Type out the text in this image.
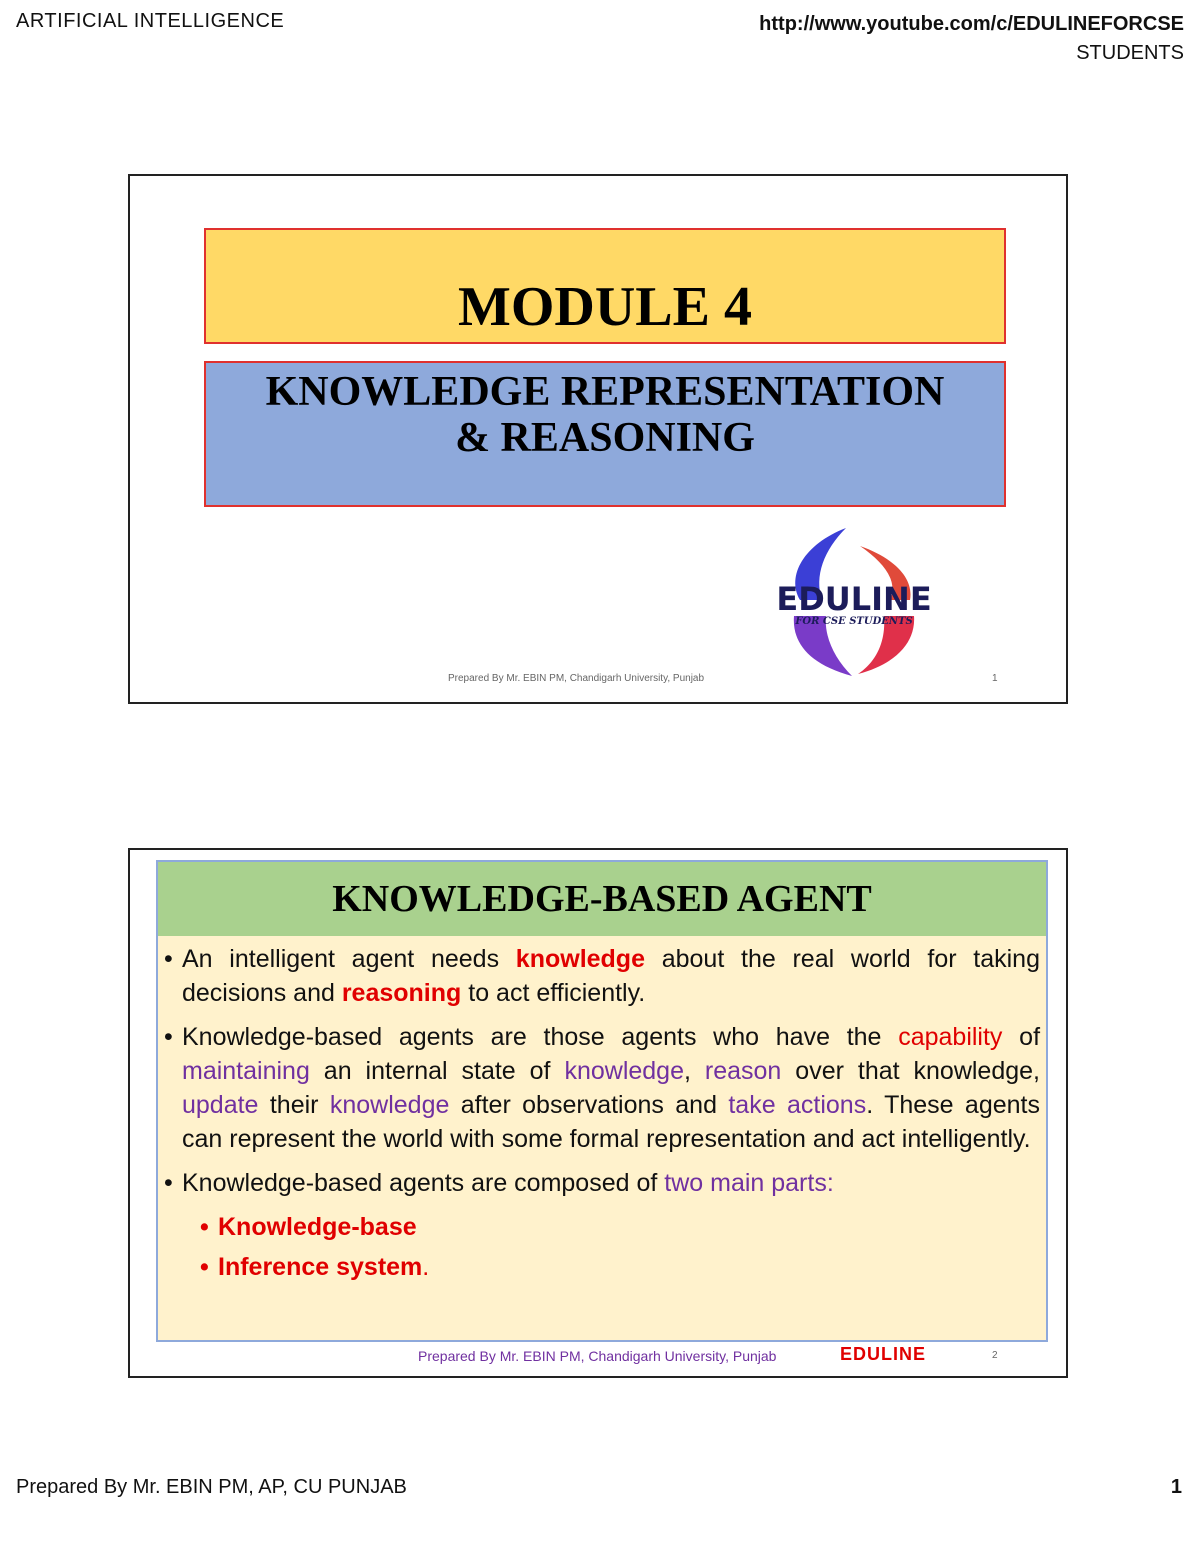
ARTIFICIAL INTELLIGENCE	http://www.youtube.com/c/EDULINEFORCSE
STUDENTS
MODULE 4
KNOWLEDGE REPRESENTATION
& REASONING
EDULINE
FOR CSE STUDENTS
Prepared By Mr. EBIN PM, Chandigarh University, Punjab	1
KNOWLEDGE-BASED AGENT
• An intelligent agent needs knowledge about the real world for taking decisions and reasoning to act efficiently.
• Knowledge-based agents are those agents who have the capability of maintaining an internal state of knowledge, reason over that knowledge, update their knowledge after observations and take actions. These agents can represent the world with some formal representation and act intelligently.
• Knowledge-based agents are composed of two main parts:
• Knowledge-base
• Inference system.
Prepared By Mr. EBIN PM, Chandigarh University, Punjab	EDULINE	2
Prepared By Mr. EBIN PM, AP, CU PUNJAB	1
